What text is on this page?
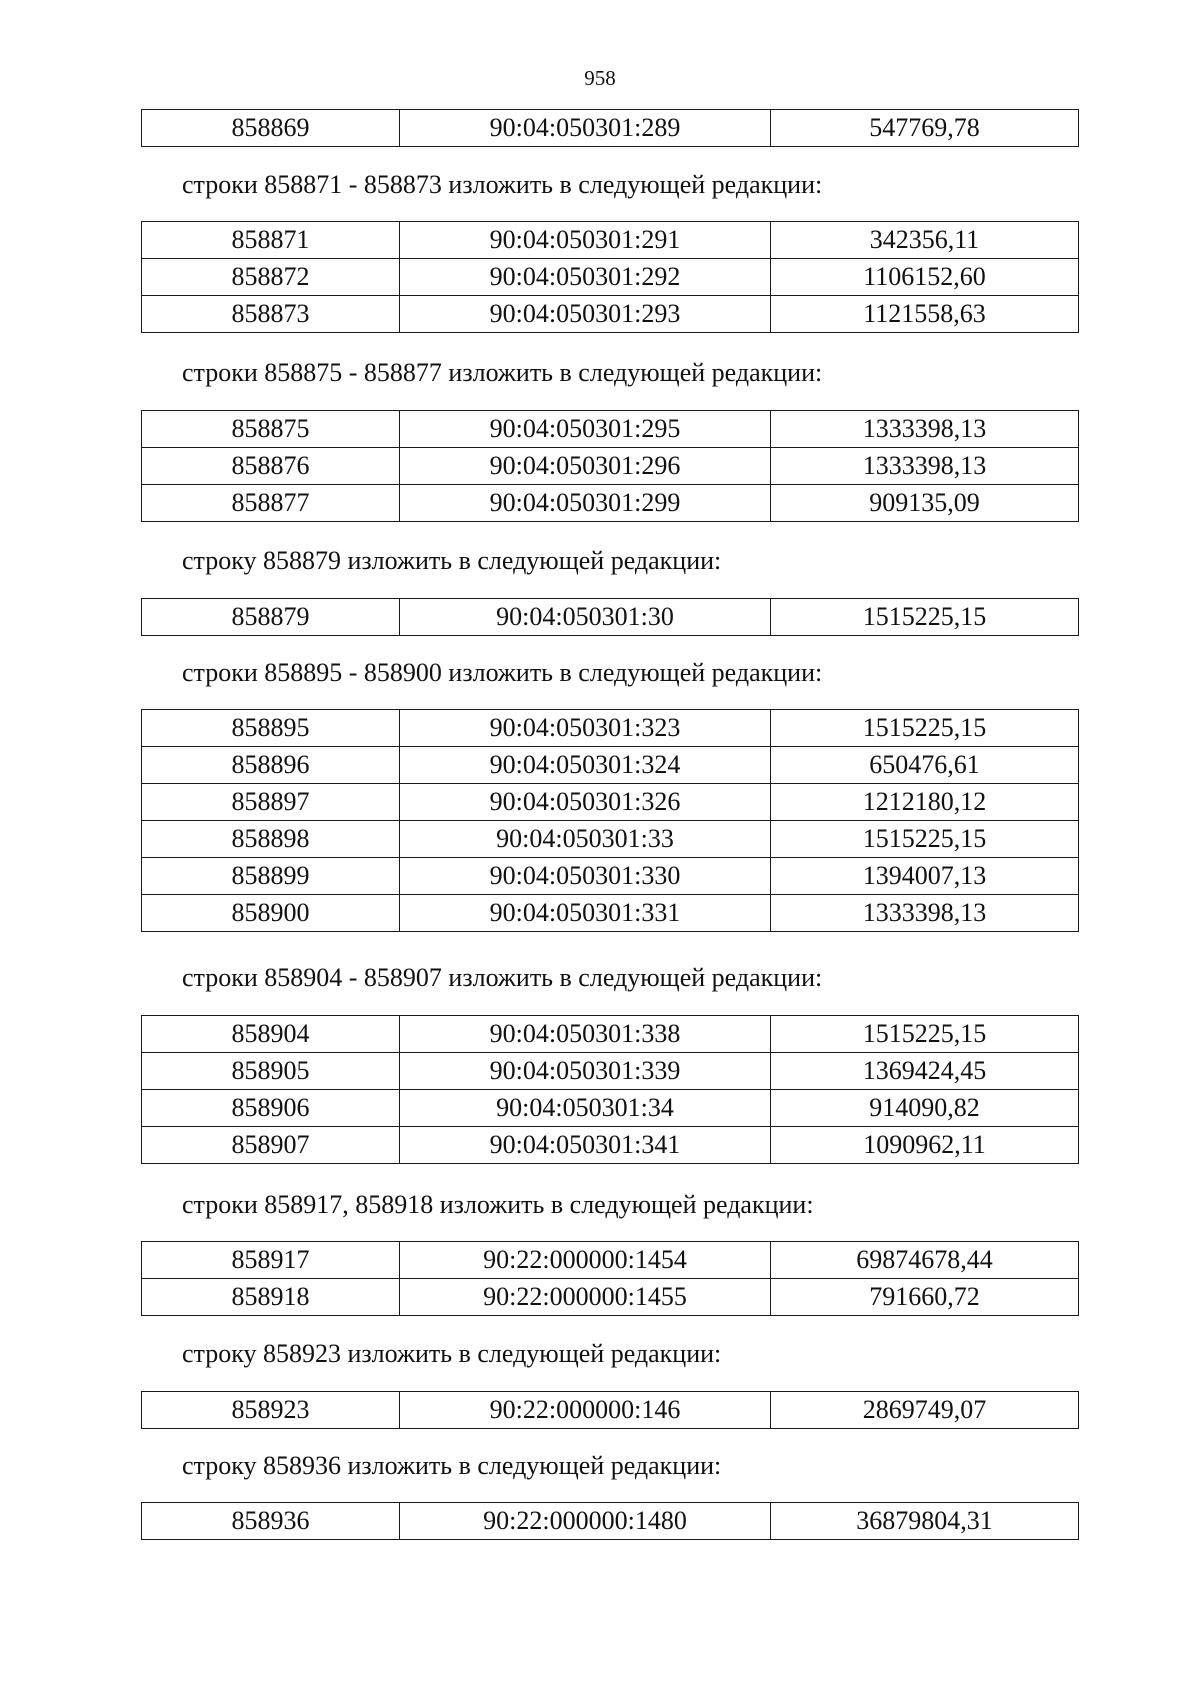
958
858869	90:04:050301:289	547769,78
строки 858871 - 858873 изложить в следующей редакции:
858871	90:04:050301:291	342356,11
858872	90:04:050301:292	1106152,60
858873	90:04:050301:293	1121558,63
строки 858875 - 858877 изложить в следующей редакции:
858875	90:04:050301:295	1333398,13
858876	90:04:050301:296	1333398,13
858877	90:04:050301:299	909135,09
строку 858879 изложить в следующей редакции:
858879	90:04:050301:30	1515225,15
строки 858895 - 858900 изложить в следующей редакции:
858895	90:04:050301:323	1515225,15
858896	90:04:050301:324	650476,61
858897	90:04:050301:326	1212180,12
858898	90:04:050301:33	1515225,15
858899	90:04:050301:330	1394007,13
858900	90:04:050301:331	1333398,13
строки 858904 - 858907 изложить в следующей редакции:
858904	90:04:050301:338	1515225,15
858905	90:04:050301:339	1369424,45
858906	90:04:050301:34	914090,82
858907	90:04:050301:341	1090962,11
строки 858917, 858918 изложить в следующей редакции:
858917	90:22:000000:1454	69874678,44
858918	90:22:000000:1455	791660,72
строку 858923 изложить в следующей редакции:
858923	90:22:000000:146	2869749,07
строку 858936 изложить в следующей редакции:
858936	90:22:000000:1480	36879804,31
